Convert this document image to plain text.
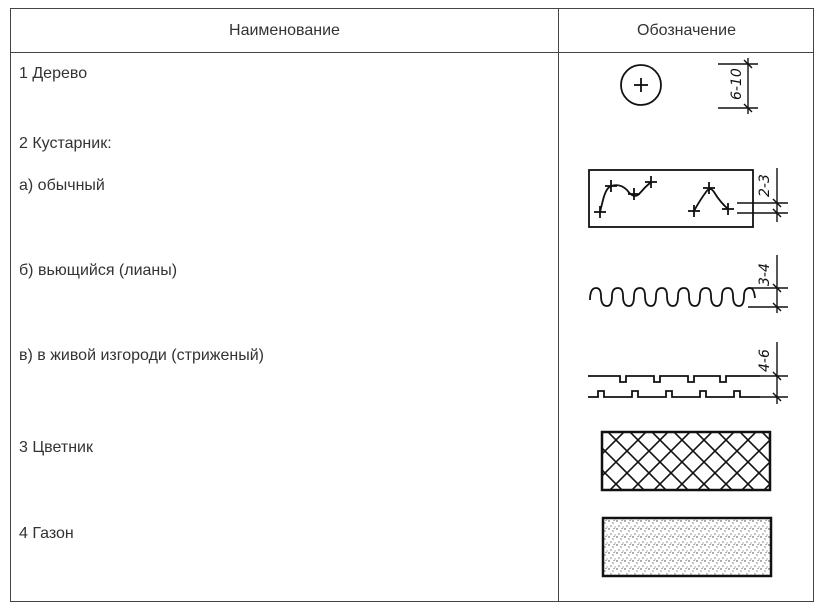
Наименование	Обозначение
1 Дерево
2 Кустарник:
а) обычный
б) вьющийся (лианы)
в) в живой изгороди (стриженый)
3 Цветник
4 Газон
6-10
2-3
3-4
4-6
